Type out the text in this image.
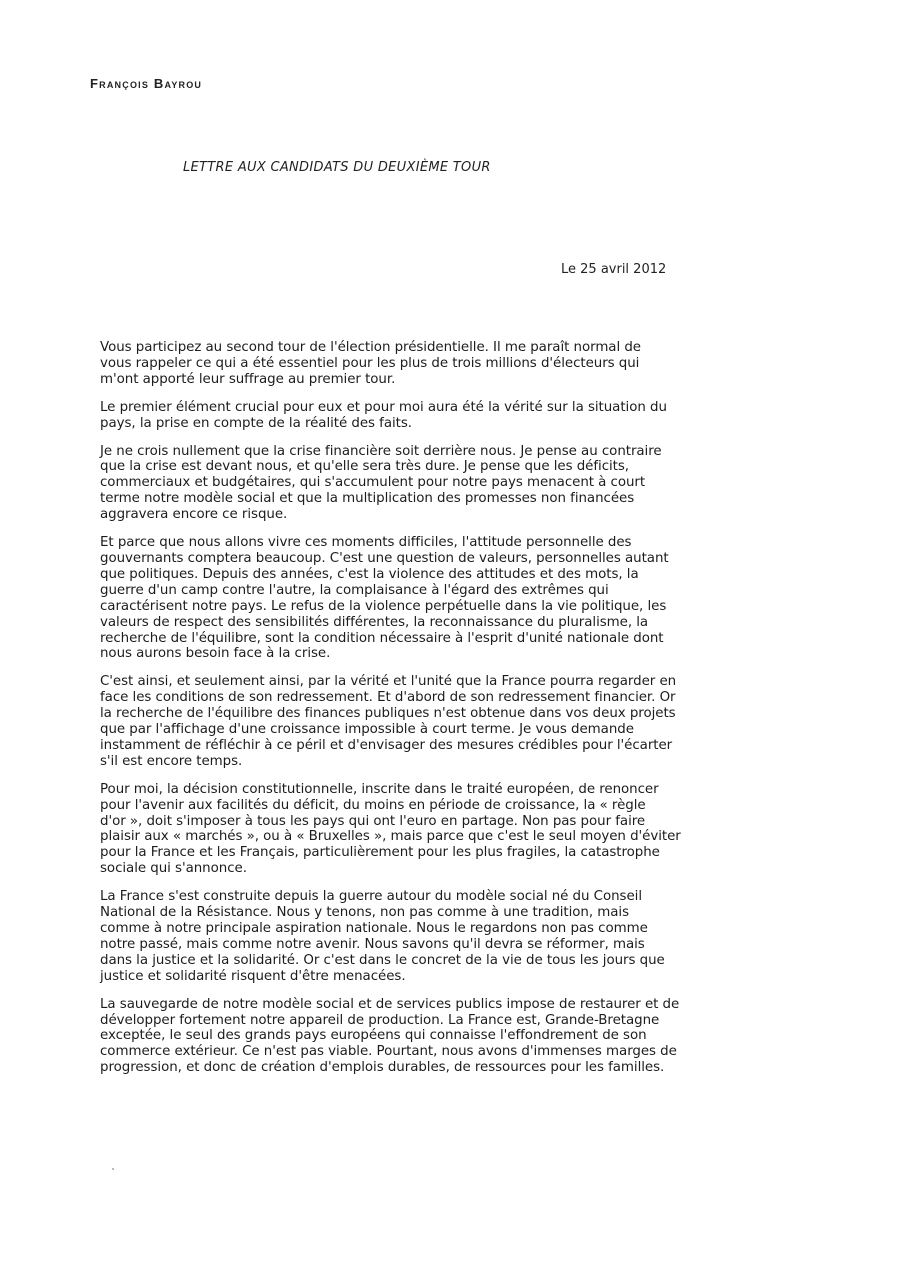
François Bayrou
LETTRE AUX CANDIDATS DU DEUXIÈME TOUR
Le 25 avril 2012

Vous participez au second tour de l'élection présidentielle. Il me paraît normal de
vous rappeler ce qui a été essentiel pour les plus de trois millions d'électeurs qui
m'ont apporté leur suffrage au premier tour.

Le premier élément crucial pour eux et pour moi aura été la vérité sur la situation du
pays, la prise en compte de la réalité des faits.

Je ne crois nullement que la crise financière soit derrière nous. Je pense au contraire
que la crise est devant nous, et qu'elle sera très dure. Je pense que les déficits,
commerciaux et budgétaires, qui s'accumulent pour notre pays menacent à court
terme notre modèle social et que la multiplication des promesses non financées
aggravera encore ce risque.

Et parce que nous allons vivre ces moments difficiles, l'attitude personnelle des
gouvernants comptera beaucoup. C'est une question de valeurs, personnelles autant
que politiques. Depuis des années, c'est la violence des attitudes et des mots, la
guerre d'un camp contre l'autre, la complaisance à l'égard des extrêmes qui
caractérisent notre pays. Le refus de la violence perpétuelle dans la vie politique, les
valeurs de respect des sensibilités différentes, la reconnaissance du pluralisme, la
recherche de l'équilibre, sont la condition nécessaire à l'esprit d'unité nationale dont
nous aurons besoin face à la crise.

C'est ainsi, et seulement ainsi, par la vérité et l'unité que la France pourra regarder en
face les conditions de son redressement. Et d'abord de son redressement financier. Or
la recherche de l'équilibre des finances publiques n'est obtenue dans vos deux projets
que par l'affichage d'une croissance impossible à court terme. Je vous demande
instamment de réfléchir à ce péril et d'envisager des mesures crédibles pour l'écarter
s'il est encore temps.

Pour moi, la décision constitutionnelle, inscrite dans le traité européen, de renoncer
pour l'avenir aux facilités du déficit, du moins en période de croissance, la « règle
d'or », doit s'imposer à tous les pays qui ont l'euro en partage. Non pas pour faire
plaisir aux « marchés », ou à « Bruxelles », mais parce que c'est le seul moyen d'éviter
pour la France et les Français, particulièrement pour les plus fragiles, la catastrophe
sociale qui s'annonce.

La France s'est construite depuis la guerre autour du modèle social né du Conseil
National de la Résistance. Nous y tenons, non pas comme à une tradition, mais
comme à notre principale aspiration nationale. Nous le regardons non pas comme
notre passé, mais comme notre avenir. Nous savons qu'il devra se réformer, mais
dans la justice et la solidarité. Or c'est dans le concret de la vie de tous les jours que
justice et solidarité risquent d'être menacées.

La sauvegarde de notre modèle social et de services publics impose de restaurer et de
développer fortement notre appareil de production. La France est, Grande-Bretagne
exceptée, le seul des grands pays européens qui connaisse l'effondrement de son
commerce extérieur. Ce n'est pas viable. Pourtant, nous avons d'immenses marges de
progression, et donc de création d'emplois durables, de ressources pour les familles.
